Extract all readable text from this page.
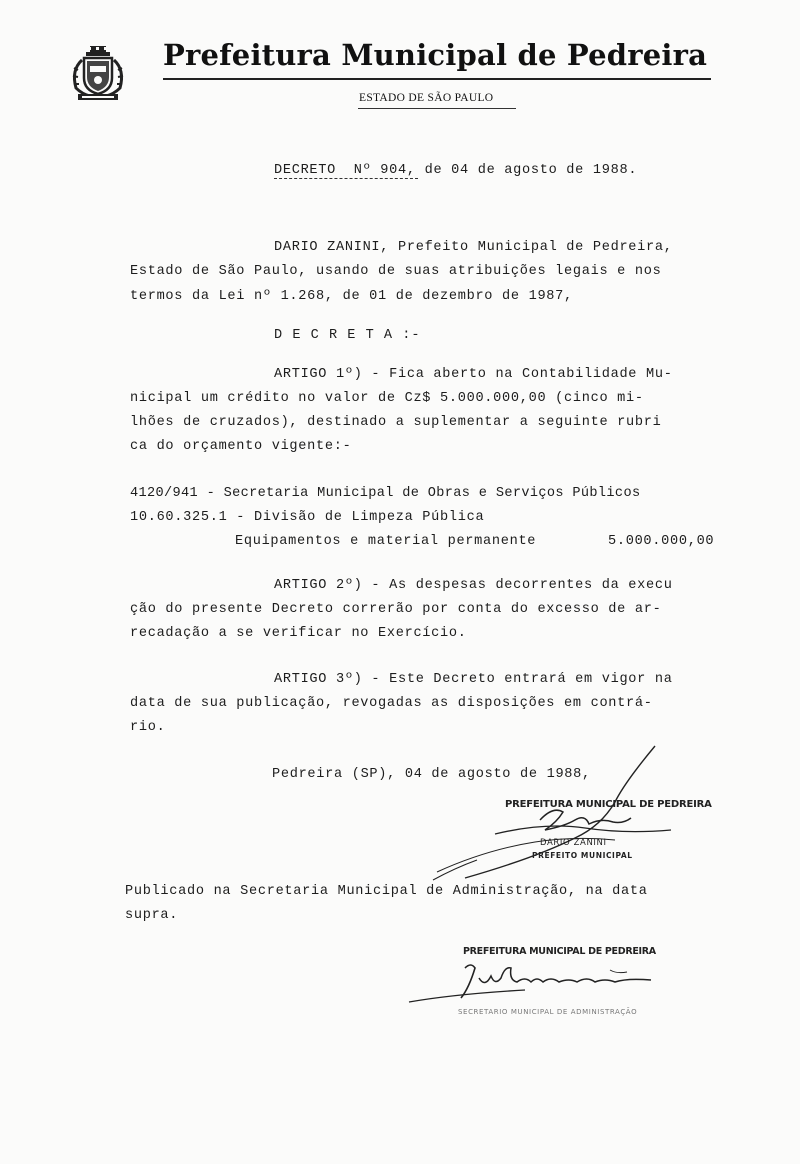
Prefeitura Municipal de Pedreira
ESTADO DE SÃO PAULO
DECRETO  Nº 904, de 04 de agosto de 1988.
DARIO ZANINI, Prefeito Municipal de Pedreira,
Estado de São Paulo, usando de suas atribuições legais e nos
termos da Lei nº 1.268, de 01 de dezembro de 1987,
D E C R E T A :-
ARTIGO 1º) - Fica aberto na Contabilidade Mu-
nicipal um crédito no valor de Cz$ 5.000.000,00 (cinco mi-
lhões de cruzados), destinado a suplementar a seguinte rubri
ca do orçamento vigente:-
4120/941 - Secretaria Municipal de Obras e Serviços Públicos
10.60.325.1 - Divisão de Limpeza Pública
Equipamentos e material permanente	5.000.000,00
ARTIGO 2º) - As despesas decorrentes da execu
ção do presente Decreto correrão por conta do excesso de ar-
recadação a se verificar no Exercício.
ARTIGO 3º) - Este Decreto entrará em vigor na
data de sua publicação, revogadas as disposições em contrá-
rio.
Pedreira (SP), 04 de agosto de 1988,
PREFEITURA MUNICIPAL DE PEDREIRA
DARIO ZANINI
PREFEITO MUNICIPAL
Publicado na Secretaria Municipal de Administração, na data
supra.
PREFEITURA MUNICIPAL DE PEDREIRA
SECRETARIO MUNICIPAL DE ADMINISTRAÇÃO
